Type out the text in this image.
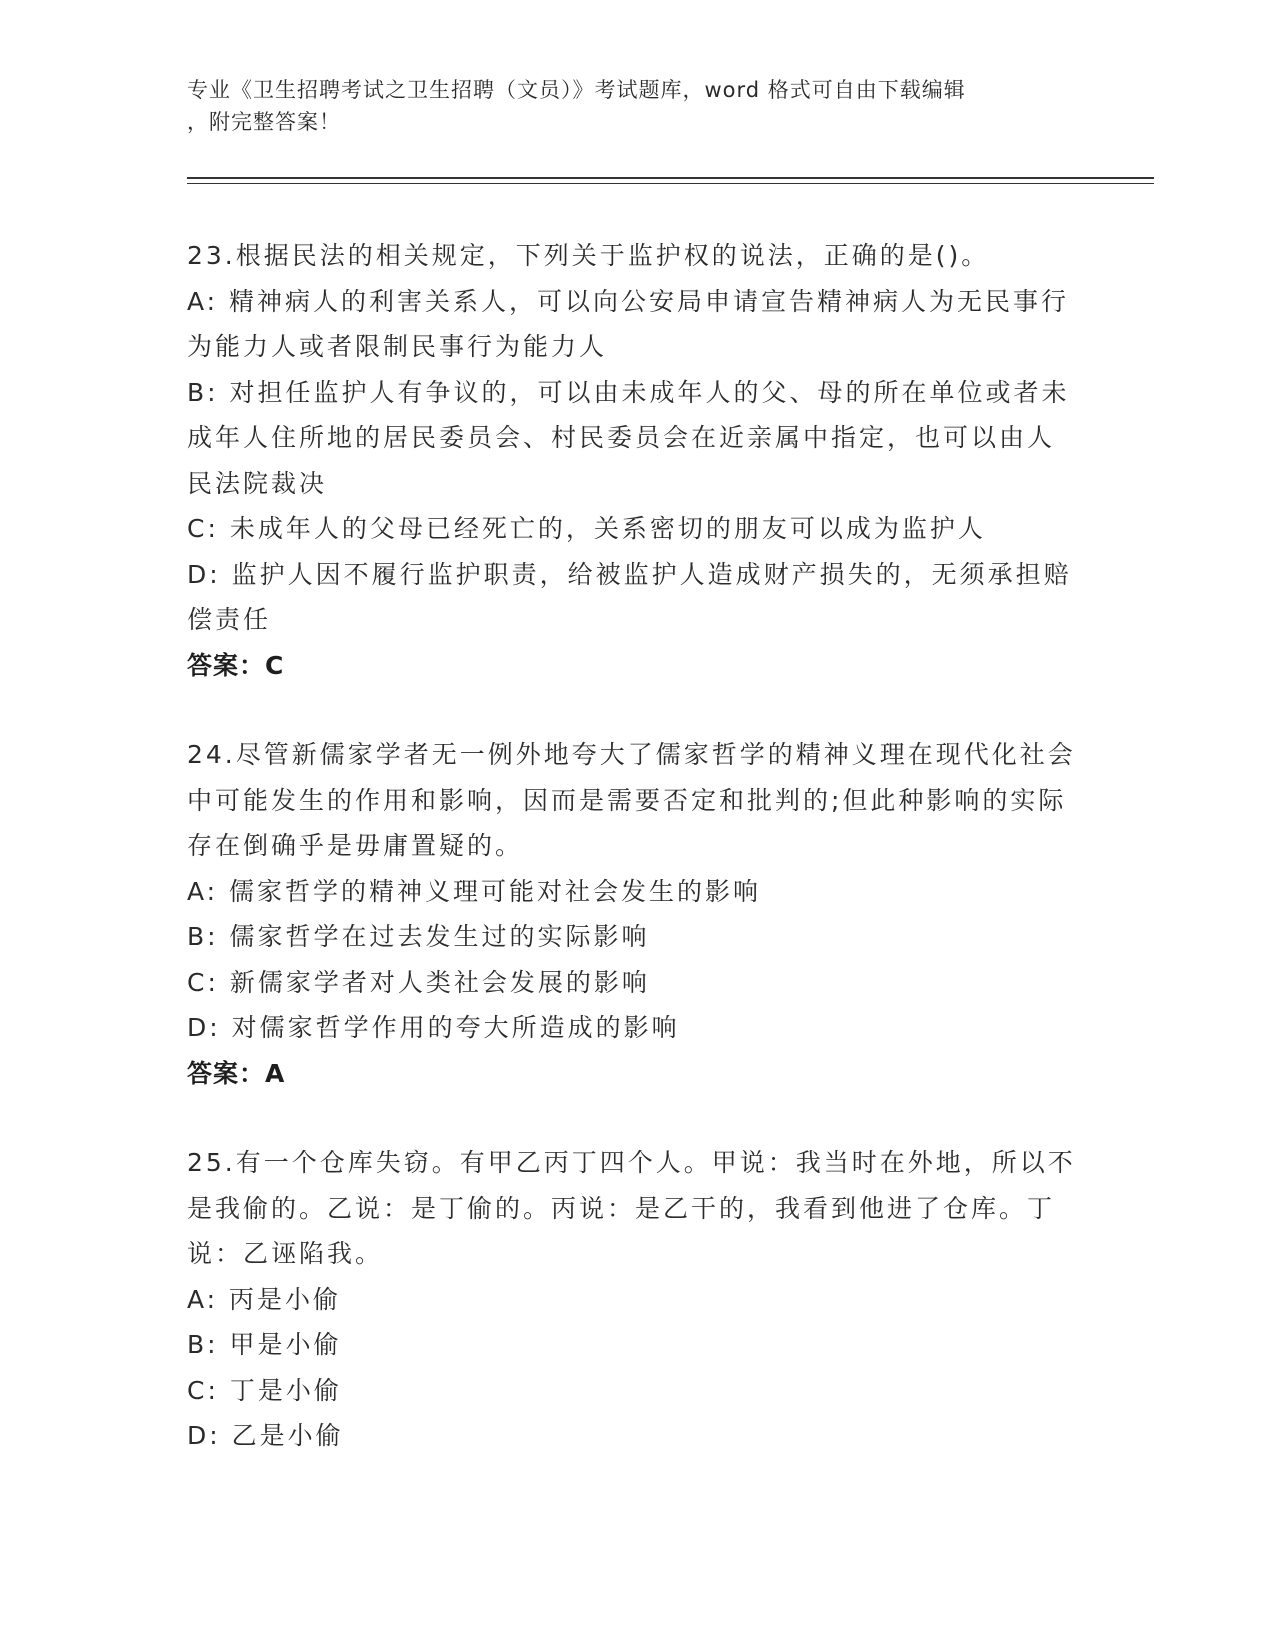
专业《卫生招聘考试之卫生招聘（文员）》考试题库，word 格式可自由下载编辑
，附完整答案！
23.根据民法的相关规定，下列关于监护权的说法，正确的是()。
A: 精神病人的利害关系人，可以向公安局申请宣告精神病人为无民事行为能力人或者限制民事行为能力人
B: 对担任监护人有争议的，可以由未成年人的父、母的所在单位或者未成年人住所地的居民委员会、村民委员会在近亲属中指定，也可以由人民法院裁决
C: 未成年人的父母已经死亡的，关系密切的朋友可以成为监护人
D: 监护人因不履行监护职责，给被监护人造成财产损失的，无须承担赔偿责任
答案：C
24.尽管新儒家学者无一例外地夸大了儒家哲学的精神义理在现代化社会中可能发生的作用和影响，因而是需要否定和批判的;但此种影响的实际存在倒确乎是毋庸置疑的。
A: 儒家哲学的精神义理可能对社会发生的影响
B: 儒家哲学在过去发生过的实际影响
C: 新儒家学者对人类社会发展的影响
D: 对儒家哲学作用的夸大所造成的影响
答案：A
25.有一个仓库失窃。有甲乙丙丁四个人。甲说：我当时在外地，所以不是我偷的。乙说：是丁偷的。丙说：是乙干的，我看到他进了仓库。丁说：乙诬陷我。
A: 丙是小偷
B: 甲是小偷
C: 丁是小偷
D: 乙是小偷
